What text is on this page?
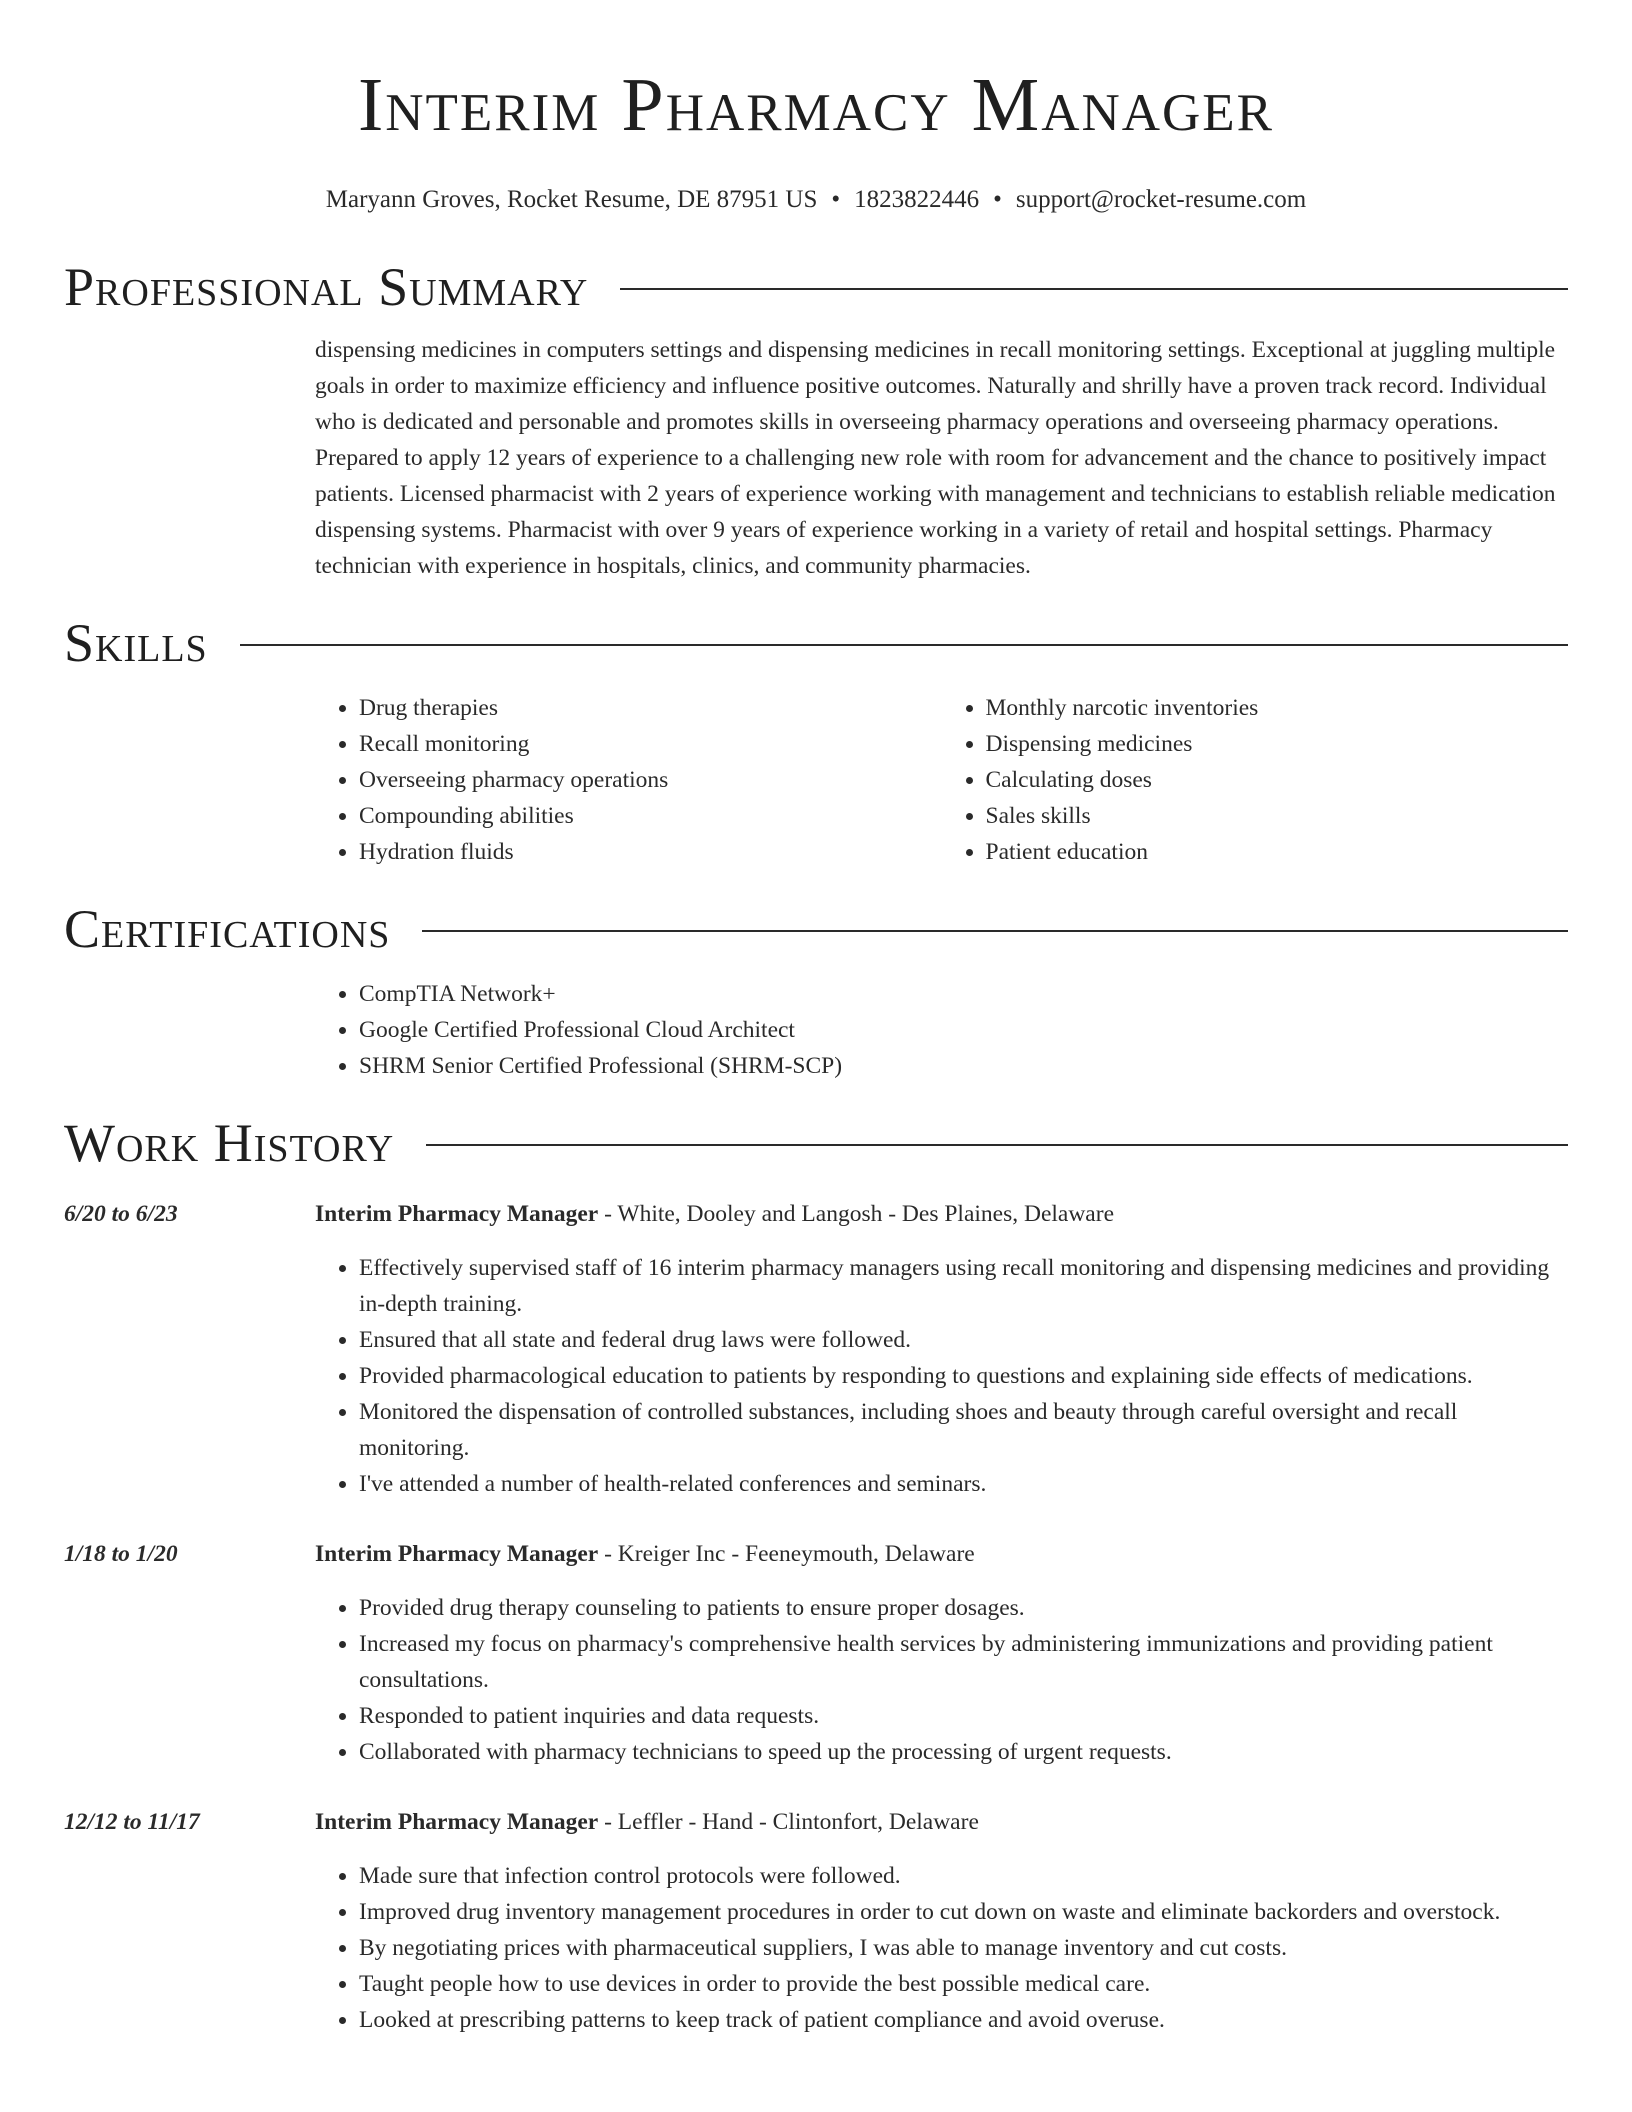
Interim Pharmacy Manager
Maryann Groves, Rocket Resume, DE 87951 US • 1823822446 • support@rocket-resume.com
Professional Summary

dispensing medicines in computers settings and dispensing medicines in recall monitoring settings. Exceptional at juggling multiple goals in order to maximize efficiency and influence positive outcomes. Naturally and shrilly have a proven track record. Individual who is dedicated and personable and promotes skills in overseeing pharmacy operations and overseeing pharmacy operations. Prepared to apply 12 years of experience to a challenging new role with room for advancement and the chance to positively impact patients. Licensed pharmacist with 2 years of experience working with management and technicians to establish reliable medication dispensing systems. Pharmacist with over 9 years of experience working in a variety of retail and hospital settings. Pharmacy technician with experience in hospitals, clinics, and community pharmacies.

Skills
• Drug therapies
• Recall monitoring
• Overseeing pharmacy operations
• Compounding abilities
• Hydration fluids
• Monthly narcotic inventories
• Dispensing medicines
• Calculating doses
• Sales skills
• Patient education
Certifications
• CompTIA Network+
• Google Certified Professional Cloud Architect
• SHRM Senior Certified Professional (SHRM-SCP)
Work History
6/20 to 6/23	Interim Pharmacy Manager - White, Dooley and Langosh - Des Plaines, Delaware
• Effectively supervised staff of 16 interim pharmacy managers using recall monitoring and dispensing medicines and providing in-depth training.
• Ensured that all state and federal drug laws were followed.
• Provided pharmacological education to patients by responding to questions and explaining side effects of medications.
• Monitored the dispensation of controlled substances, including shoes and beauty through careful oversight and recall monitoring.
• I've attended a number of health-related conferences and seminars.
1/18 to 1/20	Interim Pharmacy Manager - Kreiger Inc - Feeneymouth, Delaware
• Provided drug therapy counseling to patients to ensure proper dosages.
• Increased my focus on pharmacy's comprehensive health services by administering immunizations and providing patient consultations.
• Responded to patient inquiries and data requests.
• Collaborated with pharmacy technicians to speed up the processing of urgent requests.
12/12 to 11/17	Interim Pharmacy Manager - Leffler - Hand - Clintonfort, Delaware
• Made sure that infection control protocols were followed.
• Improved drug inventory management procedures in order to cut down on waste and eliminate backorders and overstock.
• By negotiating prices with pharmaceutical suppliers, I was able to manage inventory and cut costs.
• Taught people how to use devices in order to provide the best possible medical care.
• Looked at prescribing patterns to keep track of patient compliance and avoid overuse.
